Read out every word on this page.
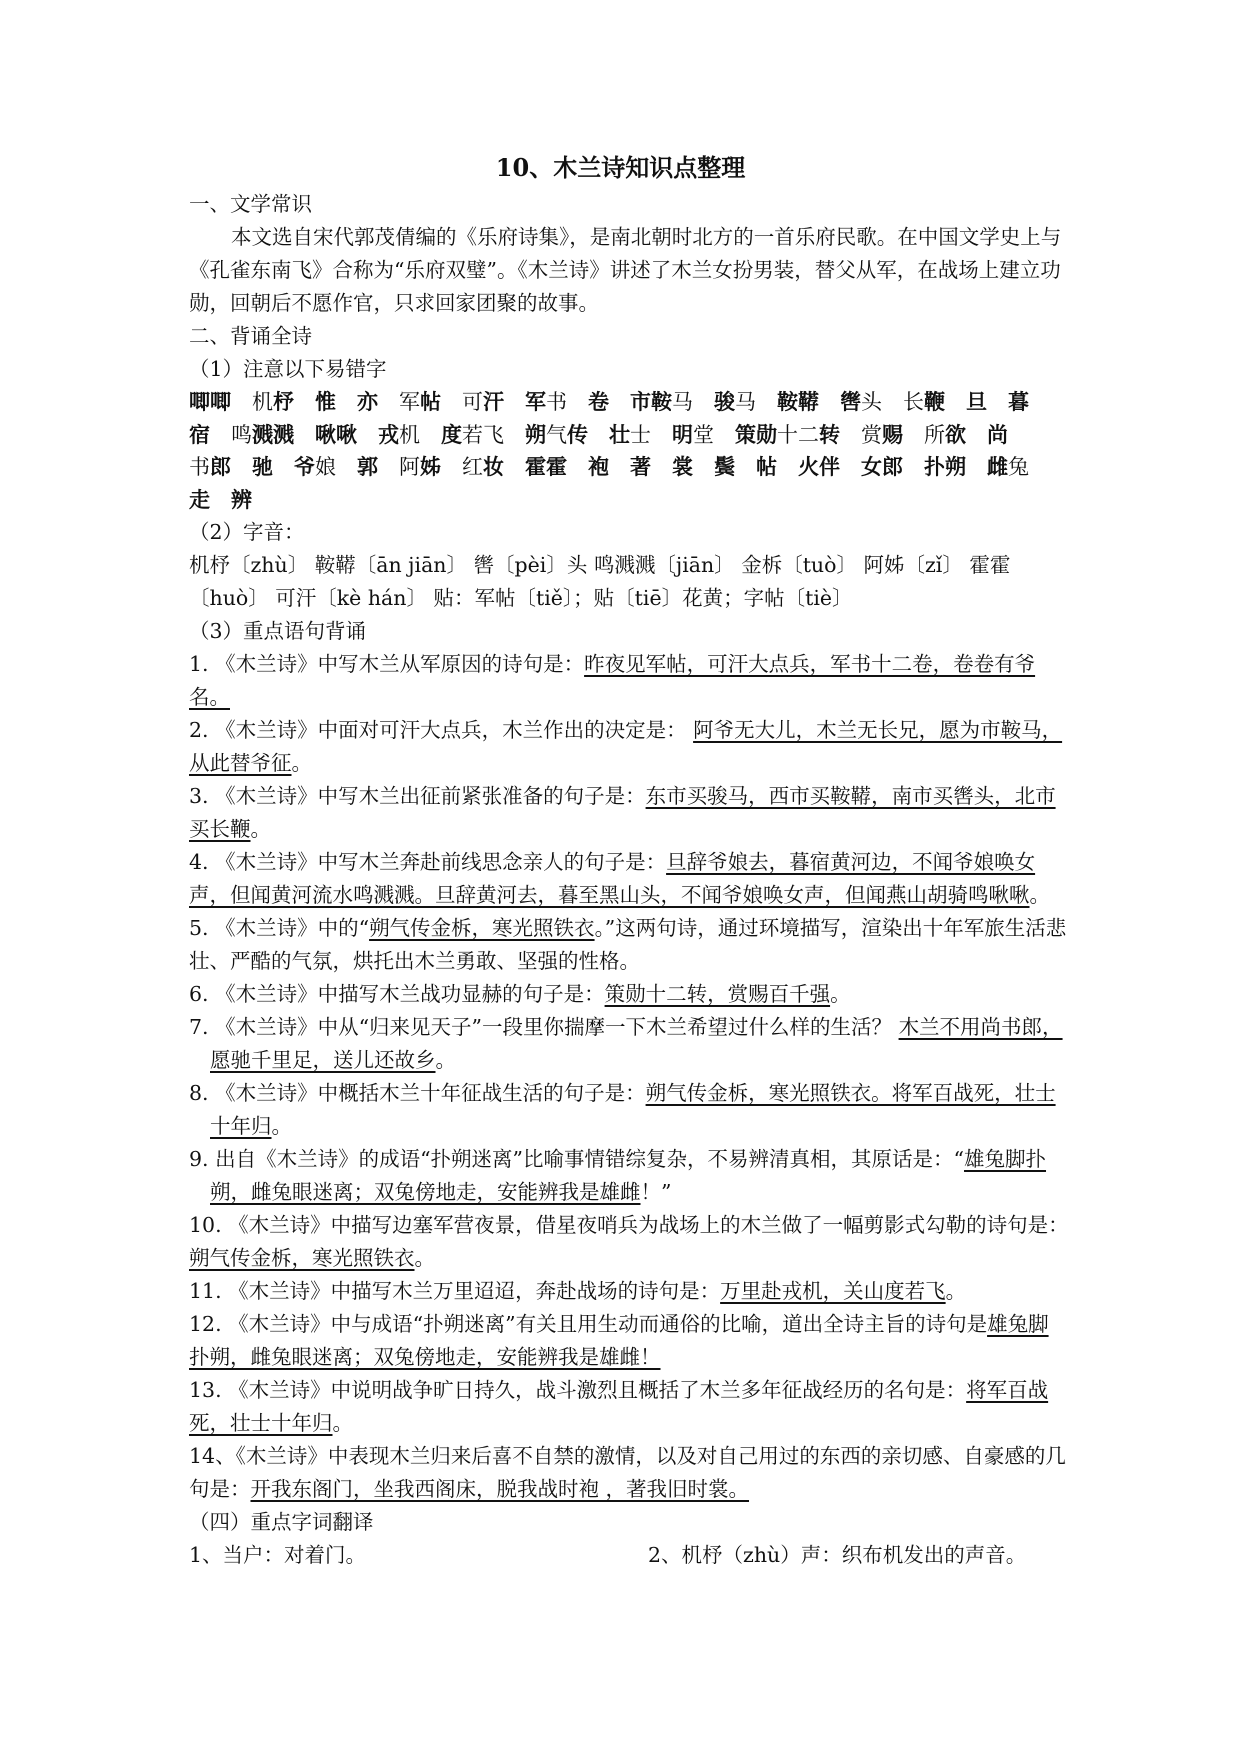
10、木兰诗知识点整理
一、文学常识
本文选自宋代郭茂倩编的《乐府诗集》，是南北朝时北方的一首乐府民歌。在中国文学史上与《孔雀东南飞》合称为“乐府双璧”。《木兰诗》讲述了木兰女扮男装，替父从军，在战场上建立功勋，回朝后不愿作官，只求回家团聚的故事。
二、背诵全诗
（1）注意以下易错字
唧唧  机杼  惟  亦  军帖  可汗  军书  卷  市鞍马  骏马  鞍鞯  辔头  长鞭  旦  暮 宿  鸣溅溅  啾啾  戎机  度若飞  朔气传  壮士  明堂  策勋十二转  赏赐  所欲  尚 书郎  驰  爷娘  郭  阿姊  红妆  霍霍  袍  著  裳  鬓  帖  火伴  女郎  扑朔  雌兔 走  辨 
（2）字音：
机杼〔zhù〕 鞍鞯〔ān jiān〕 辔〔pèi〕头 鸣溅溅〔jiān〕 金柝〔tuò〕 阿姊〔zǐ〕 霍霍
〔huò〕 可汗〔kè hán〕 贴：军帖〔tiě〕；贴〔tiē〕花黄；字帖〔tiè〕
（3）重点语句背诵
1. 《木兰诗》中写木兰从军原因的诗句是：昨夜见军帖，可汗大点兵，军书十二卷，卷卷有爷名。
2. 《木兰诗》中面对可汗大点兵，木兰作出的决定是： 阿爷无大儿，木兰无长兄，愿为市鞍马，从此替爷征。
3. 《木兰诗》中写木兰出征前紧张准备的句子是：东市买骏马，西市买鞍鞯，南市买辔头，北市买长鞭。
4. 《木兰诗》中写木兰奔赴前线思念亲人的句子是：旦辞爷娘去，暮宿黄河边，不闻爷娘唤女声，但闻黄河流水鸣溅溅。旦辞黄河去，暮至黑山头，不闻爷娘唤女声，但闻燕山胡骑鸣啾啾。
5. 《木兰诗》中的“朔气传金柝，寒光照铁衣。”这两句诗，通过环境描写，渲染出十年军旅生活悲壮、严酷的气氛，烘托出木兰勇敢、坚强的性格。
6. 《木兰诗》中描写木兰战功显赫的句子是：策勋十二转，赏赐百千强。
7. 《木兰诗》中从“归来见天子”一段里你揣摩一下木兰希望过什么样的生活？ 木兰不用尚书郎，愿驰千里足，送儿还故乡。
8. 《木兰诗》中概括木兰十年征战生活的句子是：朔气传金柝，寒光照铁衣。将军百战死，壮士十年归。
9. 出自《木兰诗》的成语“扑朔迷离”比喻事情错综复杂，不易辨清真相，其原话是：“雄兔脚扑朔，雌兔眼迷离；双兔傍地走，安能辨我是雄雌！”
10. 《木兰诗》中描写边塞军营夜景，借星夜哨兵为战场上的木兰做了一幅剪影式勾勒的诗句是：朔气传金柝，寒光照铁衣。
11. 《木兰诗》中描写木兰万里迢迢，奔赴战场的诗句是：万里赴戎机，关山度若飞。
12. 《木兰诗》中与成语“扑朔迷离”有关且用生动而通俗的比喻，道出全诗主旨的诗句是雄兔脚扑朔，雌兔眼迷离；双兔傍地走，安能辨我是雄雌！
13. 《木兰诗》中说明战争旷日持久，战斗激烈且概括了木兰多年征战经历的名句是：将军百战死，壮士十年归。
14、《木兰诗》中表现木兰归来后喜不自禁的激情，以及对自己用过的东西的亲切感、自豪感的几句是：开我东阁门，坐我西阁床，脱我战时袍 ，著我旧时裳。
（四）重点字词翻译
1、当户：对着门。	2、机杼（zhù）声：织布机发出的声音。
